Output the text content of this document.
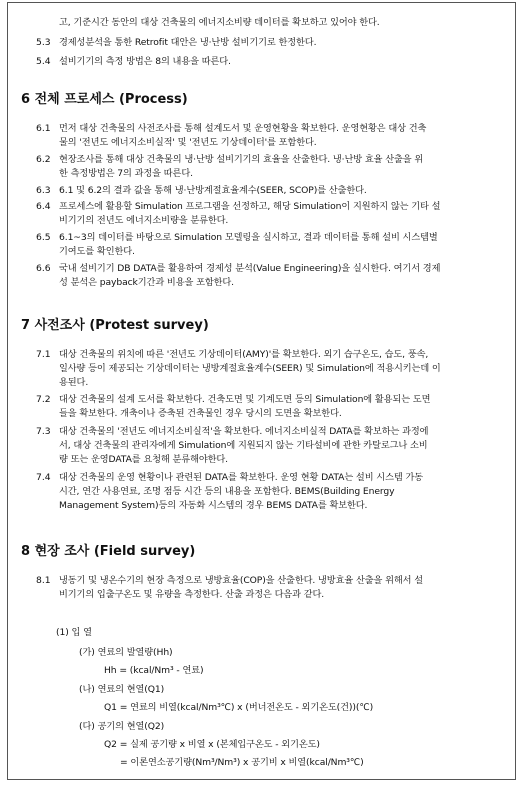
고, 기준시간 동안의 대상 건축물의 에너지소비량 데이터를 확보하고 있어야 한다.
5.3 경제성분석을 통한 Retrofit 대안은 냉·난방 설비기기로 한정한다.
5.4 설비기기의 측정 방법은 8의 내용을 따른다.
6 전체 프로세스 (Process)
6.1 먼저 대상 건축물의 사전조사를 통해 설계도서 및 운영현황을 확보한다. 운영현황은 대상 건축
물의 '전년도 에너지소비실적' 및 '전년도 기상데이터'를 포함한다.
6.2 현장조사를 통해 대상 건축물의 냉·난방 설비기기의 효율을 산출한다. 냉·난방 효율 산출을 위
한 측정방법은 7의 과정을 따른다.
6.3 6.1 및 6.2의 결과 값을 통해 냉·난방계절효율계수(SEER, SCOP)를 산출한다.
6.4 프로세스에 활용할 Simulation 프로그램을 선정하고, 해당 Simulation이 지원하지 않는 기타 설
비기기의 전년도 에너지소비량을 분류한다.
6.5 6.1~3의 데이터를 바탕으로 Simulation 모델링을 실시하고, 결과 데이터를 통해 설비 시스템별
기여도를 확인한다.
6.6 국내 설비기기 DB DATA를 활용하여 경제성 분석(Value Engineering)을 실시한다. 여기서 경제
성 분석은 payback기간과 비용을 포함한다.
7 사전조사 (Protest survey)
7.1 대상 건축물의 위치에 따른 '전년도 기상데이터(AMY)'를 확보한다. 외기 습구온도, 습도, 풍속,
일사량 등이 제공되는 기상데이터는 냉방계절효율계수(SEER) 및 Simulation에 적용시키는데 이
용된다.
7.2 대상 건축물의 설계 도서를 확보한다. 건축도면 및 기계도면 등의 Simulation에 활용되는 도면
들을 확보한다. 개축이나 증축된 건축물인 경우 당시의 도면을 확보한다.
7.3 대상 건축물의 '전년도 에너지소비실적'을 확보한다. 에너지소비실적 DATA를 확보하는 과정에
서, 대상 건축물의 관리자에게 Simulation에 지원되지 않는 기타설비에 관한 카탈로그나 소비
량 또는 운영DATA를 요청해 분류해야한다.
7.4 대상 건축물의 운영 현황이나 관련된 DATA를 확보한다. 운영 현황 DATA는 설비 시스템 가동
시간, 연간 사용연료, 조명 점등 시간 등의 내용을 포함한다. BEMS(Building Energy
Management System)등의 자동화 시스템의 경우 BEMS DATA를 확보한다.
8 현장 조사 (Field survey)
8.1 냉동기 및 냉온수기의 현장 측정으로 냉방효율(COP)을 산출한다. 냉방효율 산출을 위해서 설
비기기의 입출구온도 및 유량을 측정한다. 산출 과정은 다음과 같다.
(1) 입 열
(가) 연료의 발열량(Hh)
Hh = (kcal/Nm³ - 연료)
(나) 연료의 현열(Q1)
Q1 = 연료의 비열(kcal/Nm³℃) x (버너전온도 - 외기온도(건))(℃)
(다) 공기의 현열(Q2)
Q2 = 실제 공기량 x 비열 x (본체입구온도 - 외기온도)
= 이론연소공기량(Nm³/Nm³) x 공기비 x 비열(kcal/Nm³℃)
